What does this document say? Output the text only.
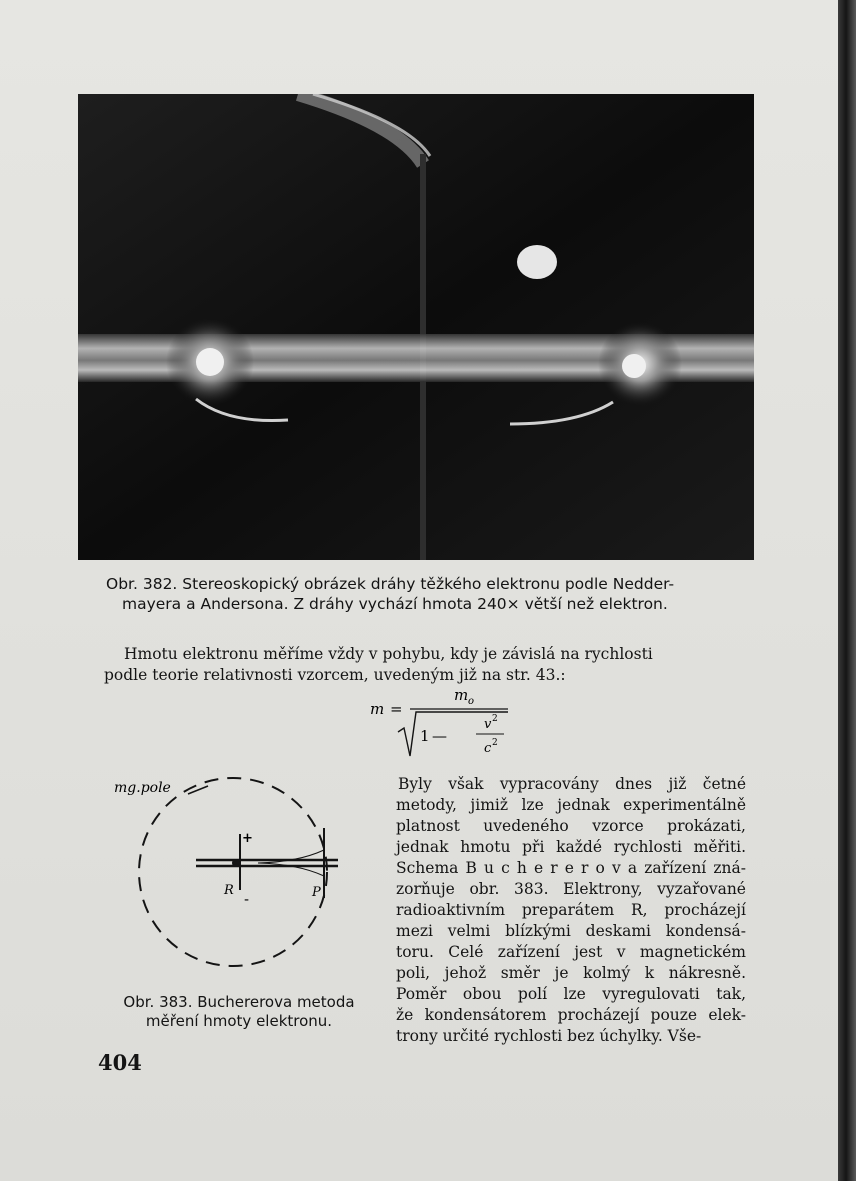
Obr. 382. Stereoskopický obrázek dráhy těžkého elektronu podle Nedder-
mayera a Andersona. Z dráhy vychází hmota 240× větší než elektron.
Hmotu elektronu měříme vždy v pohybu, kdy je závislá na rychlosti
podle teorie relativnosti vzorcem, uvedeným již na str. 43.:
m =
m o
1 —
v 2
c 2
mg.pole
+
-
R	P
Obr. 383. Buchererova metoda
měření hmoty elektronu.
Byly však vypracovány dnes již četné
metody, jimiž lze jednak experimentálně
platnost uvedeného vzorce prokázati,
jednak hmotu při každé rychlosti měřiti.
Schema B u c h e r e r o v a zařízení zná-
zorňuje obr. 383. Elektrony, vyzařované
radioaktivním preparátem R, procházejí
mezi velmi blízkými deskami kondensá-
toru. Celé zařízení jest v magnetickém
poli, jehož směr je kolmý k nákresně.
Poměr obou polí lze vyregulovati tak,
že kondensátorem procházejí pouze elek-
trony určité rychlosti bez úchylky. Vše-
404
